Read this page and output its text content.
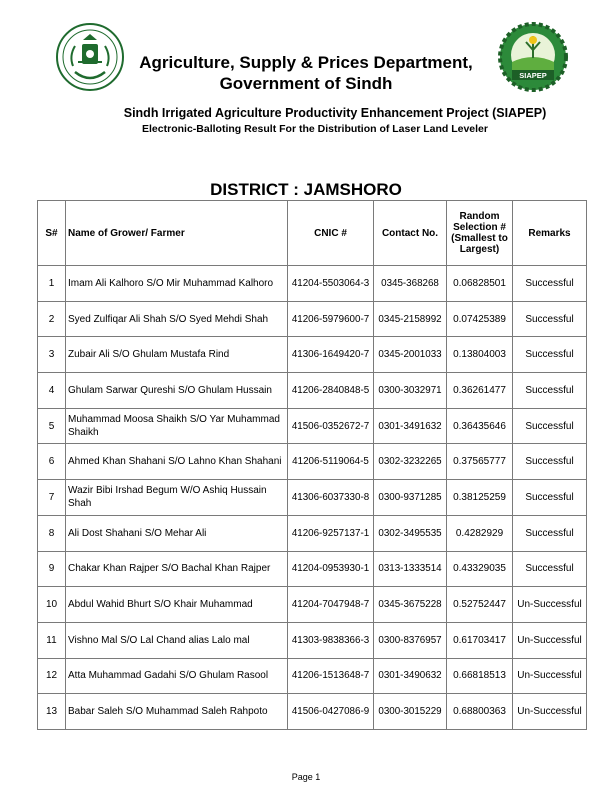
SIAPEP
Agriculture, Supply & Prices Department,
Government of Sindh
Sindh Irrigated Agriculture Productivity Enhancement Project (SIAPEP)
Electronic-Balloting Result For the Distribution of Laser Land Leveler
DISTRICT : JAMSHORO
S#	Name of Grower/ Farmer	CNIC #	Contact No.	Random Selection # (Smallest to Largest)	Remarks
1	Imam Ali Kalhoro S/O Mir Muhammad Kalhoro	41204-5503064-3	0345-368268	0.06828501	Successful
2	Syed Zulfiqar Ali Shah S/O Syed Mehdi Shah	41206-5979600-7	0345-2158992	0.07425389	Successful
3	Zubair Ali S/O Ghulam Mustafa Rind	41306-1649420-7	0345-2001033	0.13804003	Successful
4	Ghulam Sarwar Qureshi S/O Ghulam Hussain	41206-2840848-5	0300-3032971	0.36261477	Successful
5	Muhammad Moosa Shaikh S/O Yar Muhammad Shaikh	41506-0352672-7	0301-3491632	0.36435646	Successful
6	Ahmed Khan Shahani S/O Lahno Khan Shahani	41206-5119064-5	0302-3232265	0.37565777	Successful
7	Wazir Bibi Irshad Begum W/O Ashiq Hussain Shah	41306-6037330-8	0300-9371285	0.38125259	Successful
8	Ali Dost Shahani S/O Mehar Ali	41206-9257137-1	0302-3495535	0.4282929	Successful
9	Chakar Khan Rajper S/O Bachal Khan Rajper	41204-0953930-1	0313-1333514	0.43329035	Successful
10	Abdul Wahid Bhurt S/O Khair Muhammad	41204-7047948-7	0345-3675228	0.52752447	Un-Successful
11	Vishno Mal S/O Lal Chand alias Lalo mal	41303-9838366-3	0300-8376957	0.61703417	Un-Successful
12	Atta Muhammad Gadahi S/O Ghulam Rasool	41206-1513648-7	0301-3490632	0.66818513	Un-Successful
13	Babar Saleh S/O Muhammad Saleh Rahpoto	41506-0427086-9	0300-3015229	0.68800363	Un-Successful
Page 1
